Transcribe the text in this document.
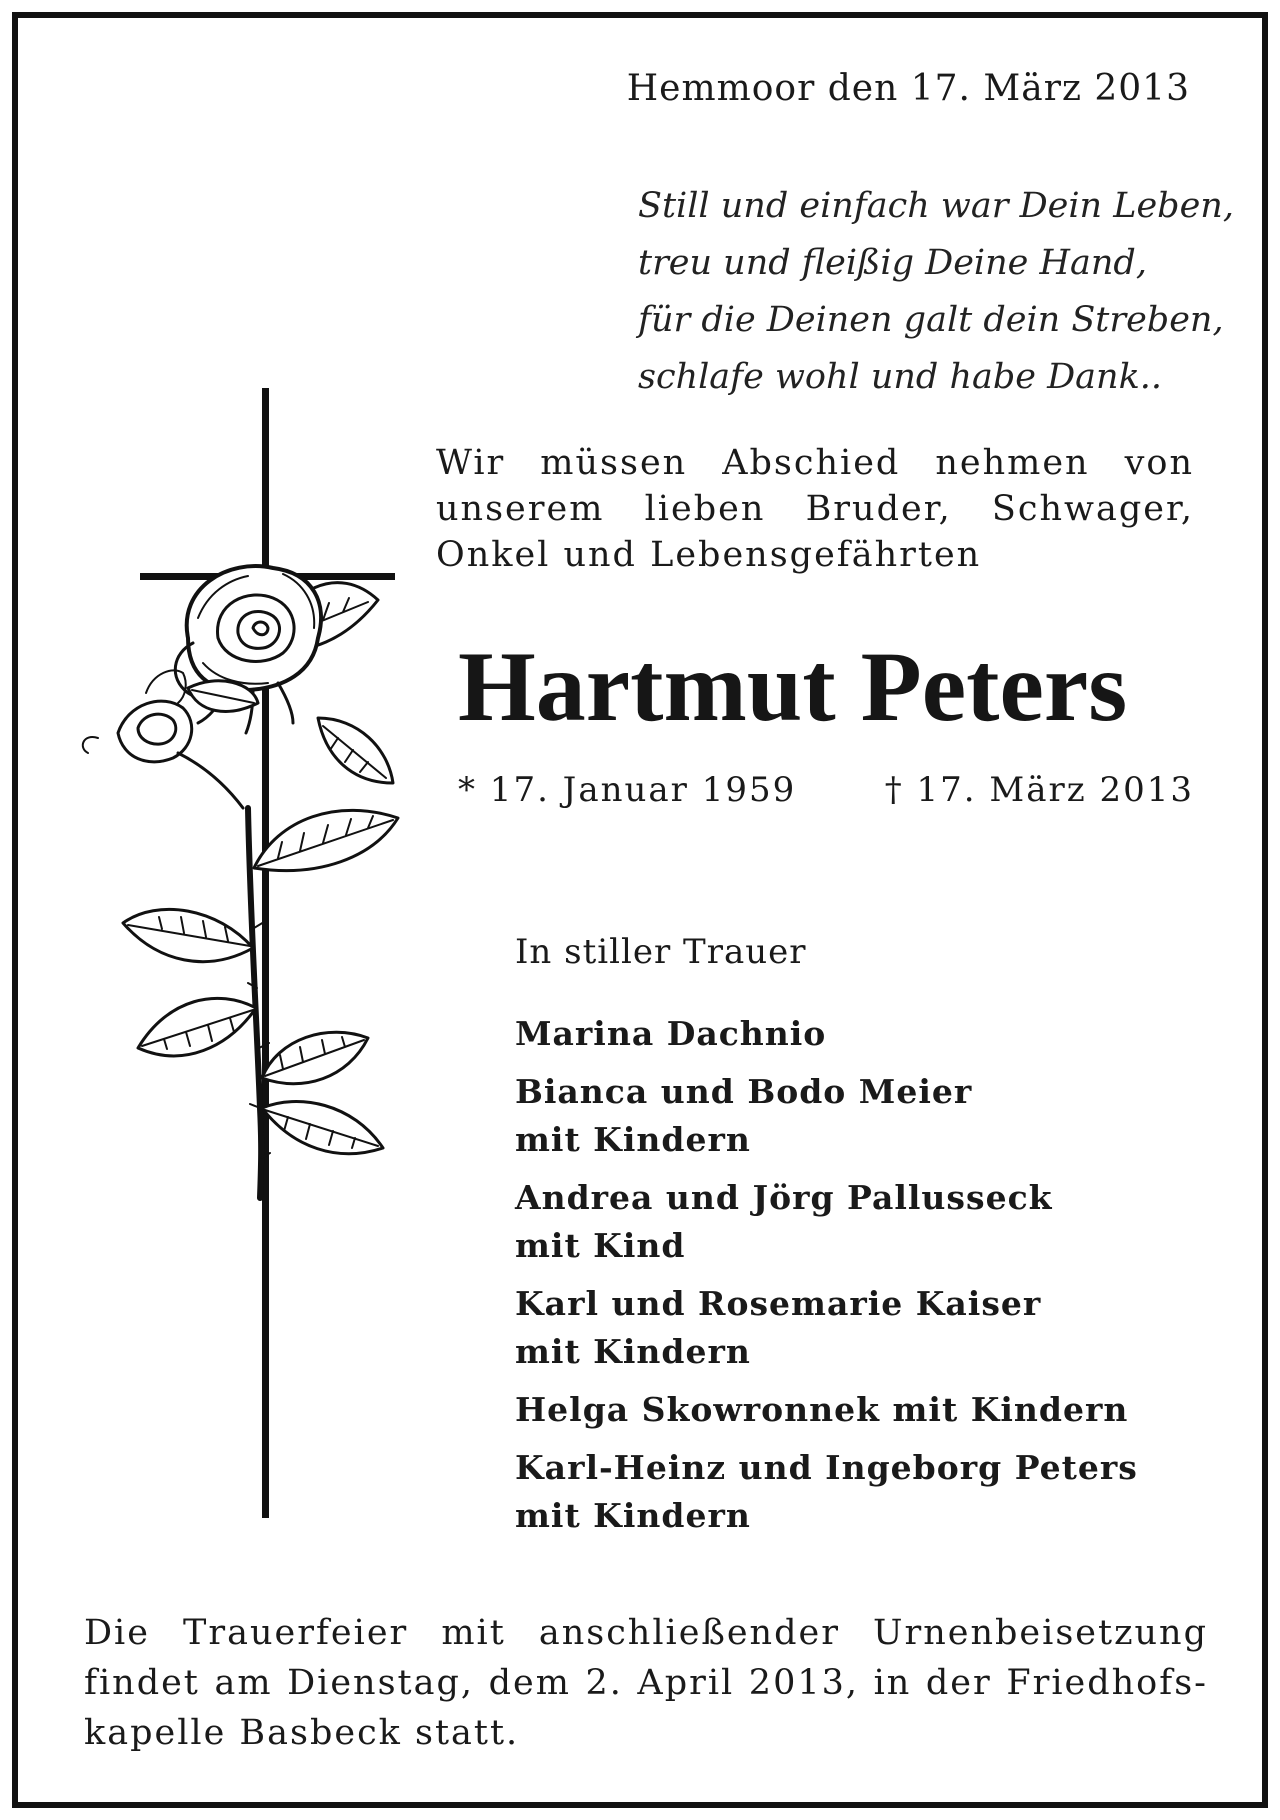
Hemmoor den 17. März 2013
Still und einfach war Dein Leben,
treu und fleißig Deine Hand,
für die Deinen galt dein Streben,
schlafe wohl und habe Dank..
Wir müssen Abschied nehmen von unserem lieben Bruder, Schwager, Onkel und Lebensgefährten
Hartmut Peters
* 17. Januar 1959	† 17. März 2013
In stiller Trauer
Marina Dachnio
Bianca und Bodo Meier
mit Kindern
Andrea und Jörg Pallusseck
mit Kind
Karl und Rosemarie Kaiser
mit Kindern
Helga Skowronnek mit Kindern
Karl-Heinz und Ingeborg Peters
mit Kindern
Die Trauerfeier mit anschließender Urnenbeisetzung findet am Dienstag, dem 2. April 2013, in der Friedhofs-kapelle Basbeck statt.
